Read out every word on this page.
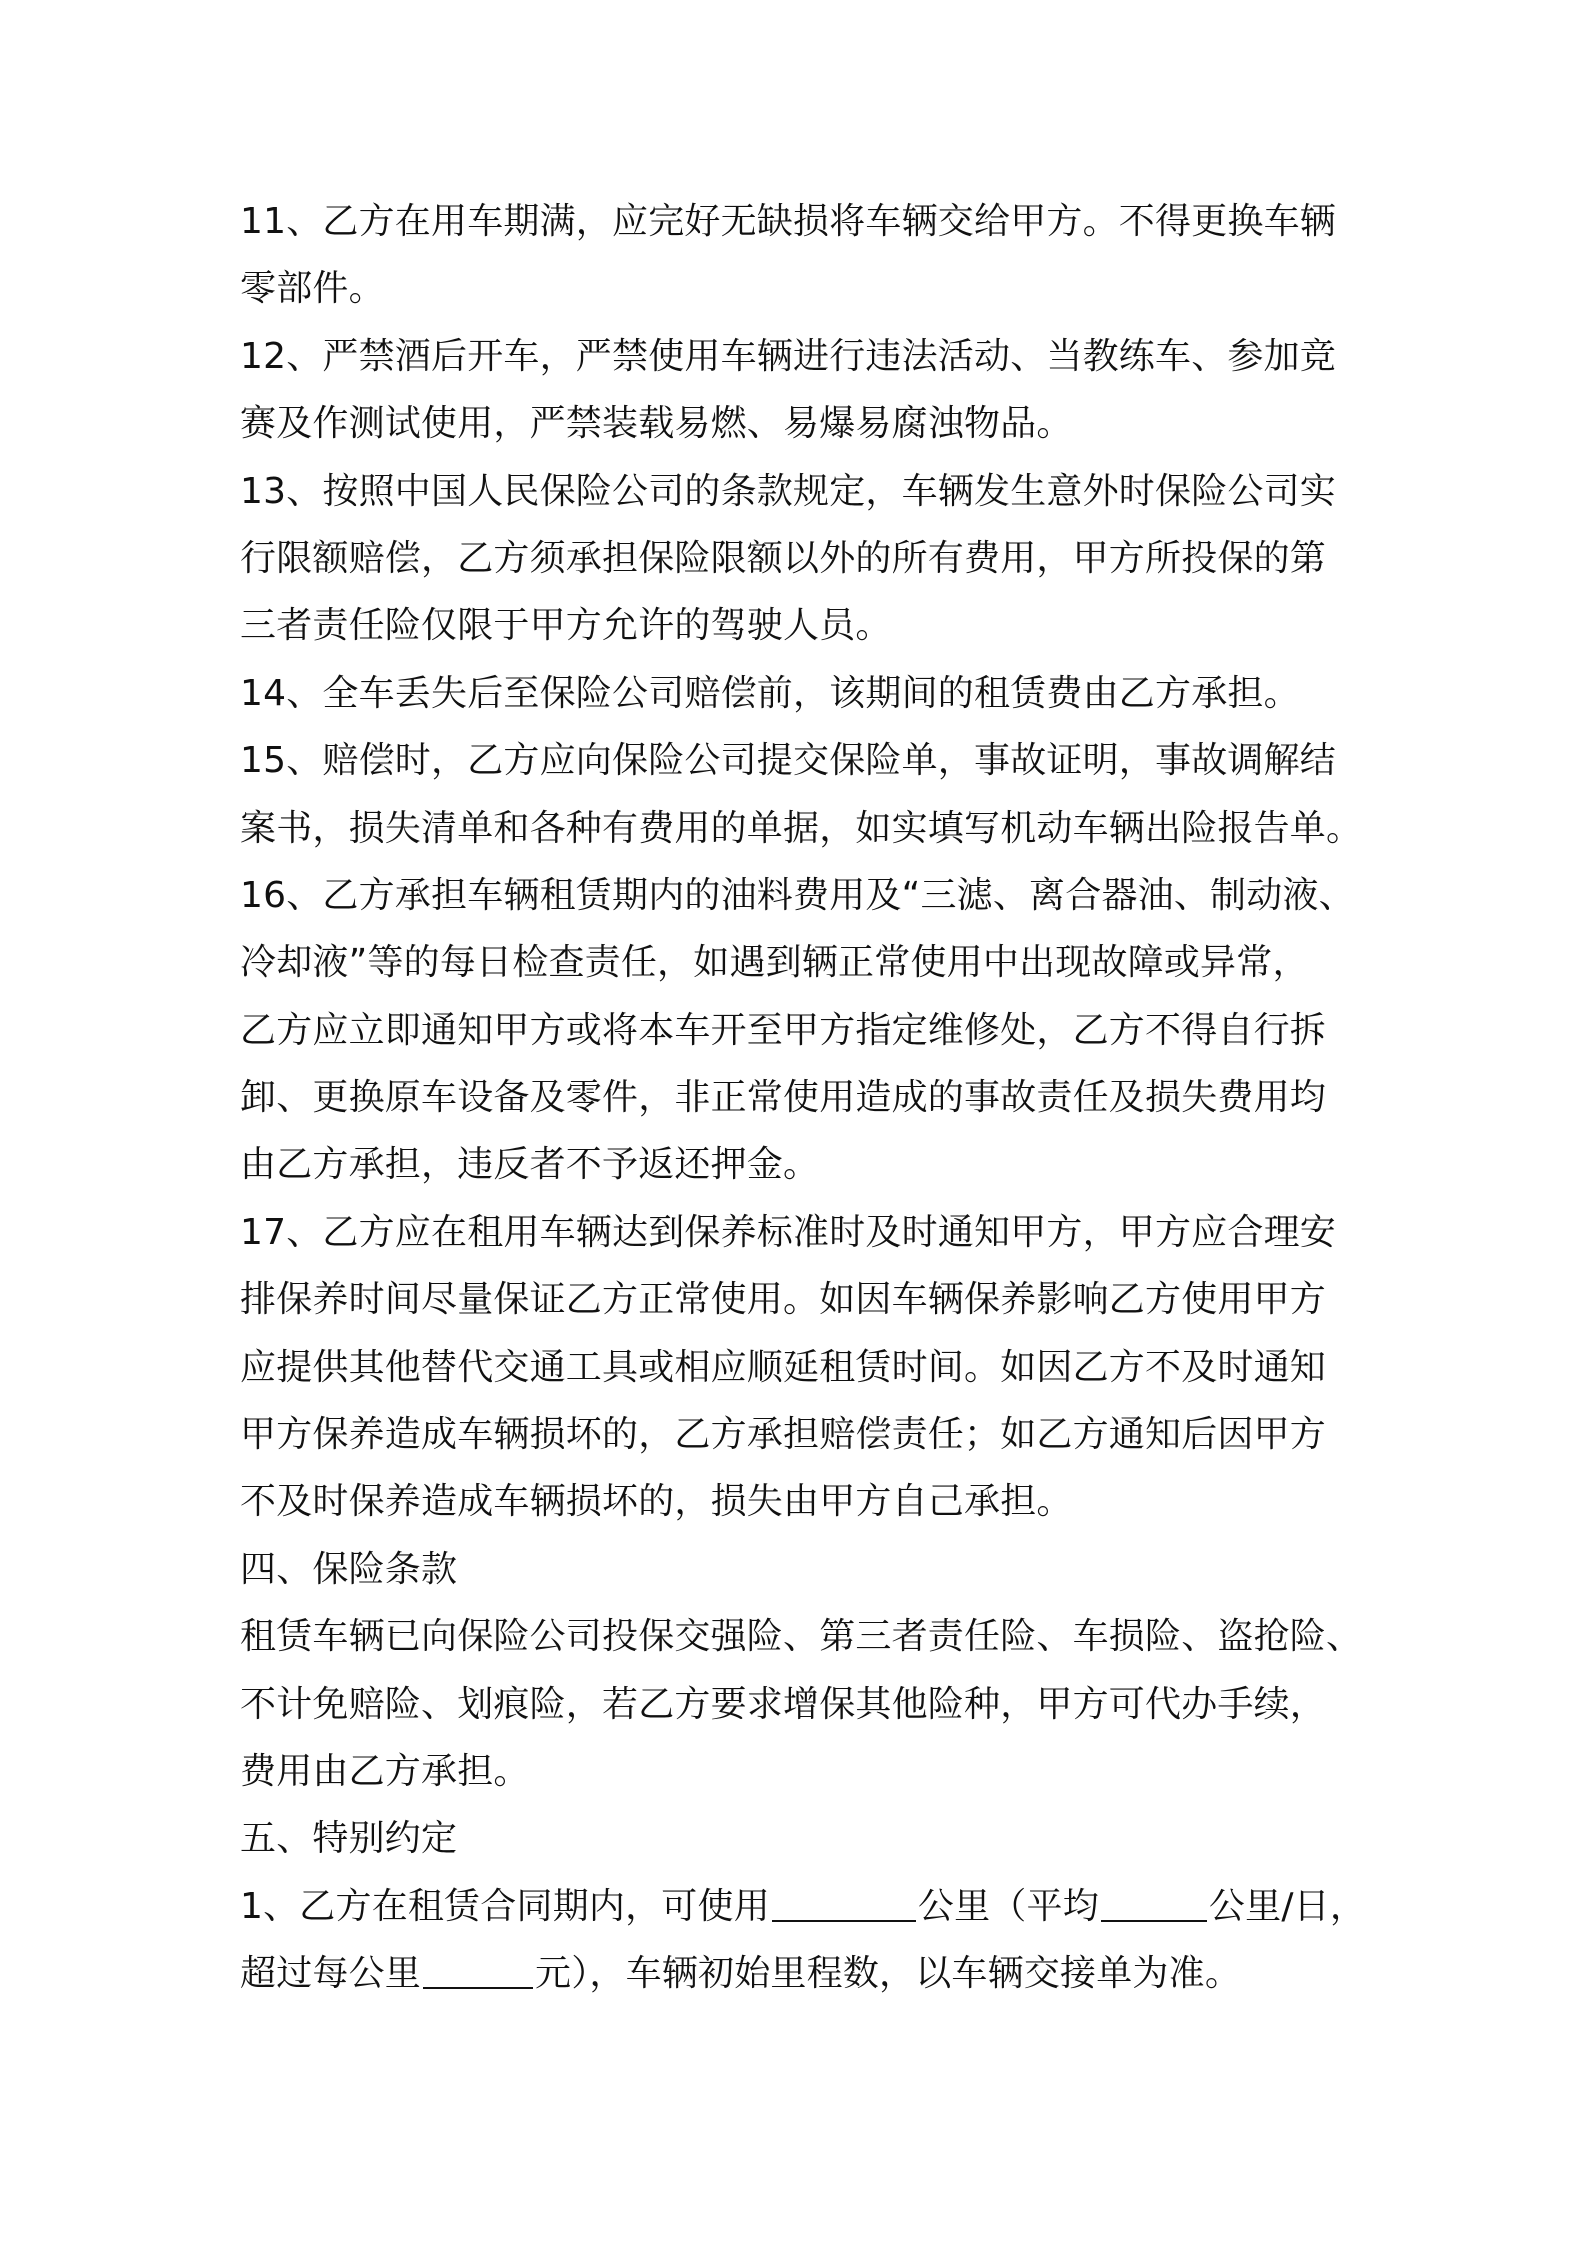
11、乙方在用车期满，应完好无缺损将车辆交给甲方。不得更换车辆
零部件。
12、严禁酒后开车，严禁使用车辆进行违法活动、当教练车、参加竞
赛及作测试使用，严禁装载易燃、易爆易腐浊物品。
13、按照中国人民保险公司的条款规定，车辆发生意外时保险公司实
行限额赔偿，乙方须承担保险限额以外的所有费用，甲方所投保的第
三者责任险仅限于甲方允许的驾驶人员。
14、全车丢失后至保险公司赔偿前，该期间的租赁费由乙方承担。
15、赔偿时，乙方应向保险公司提交保险单，事故证明，事故调解结
案书，损失清单和各种有费用的单据，如实填写机动车辆出险报告单。
16、乙方承担车辆租赁期内的油料费用及“三滤、离合器油、制动液、
冷却液”等的每日检查责任，如遇到辆正常使用中出现故障或异常，
乙方应立即通知甲方或将本车开至甲方指定维修处，乙方不得自行拆
卸、更换原车设备及零件，非正常使用造成的事故责任及损失费用均
由乙方承担，违反者不予返还押金。
17、乙方应在租用车辆达到保养标准时及时通知甲方，甲方应合理安
排保养时间尽量保证乙方正常使用。如因车辆保养影响乙方使用甲方
应提供其他替代交通工具或相应顺延租赁时间。如因乙方不及时通知
甲方保养造成车辆损坏的，乙方承担赔偿责任；如乙方通知后因甲方
不及时保养造成车辆损坏的，损失由甲方自己承担。
四、保险条款
租赁车辆已向保险公司投保交强险、第三者责任险、车损险、盗抢险、
不计免赔险、划痕险，若乙方要求增保其他险种，甲方可代办手续，
费用由乙方承担。
五、特别约定
1、乙方在租赁合同期内，可使用	公里（平均	公里/日，
超过每公里	元），车辆初始里程数，以车辆交接单为准。
